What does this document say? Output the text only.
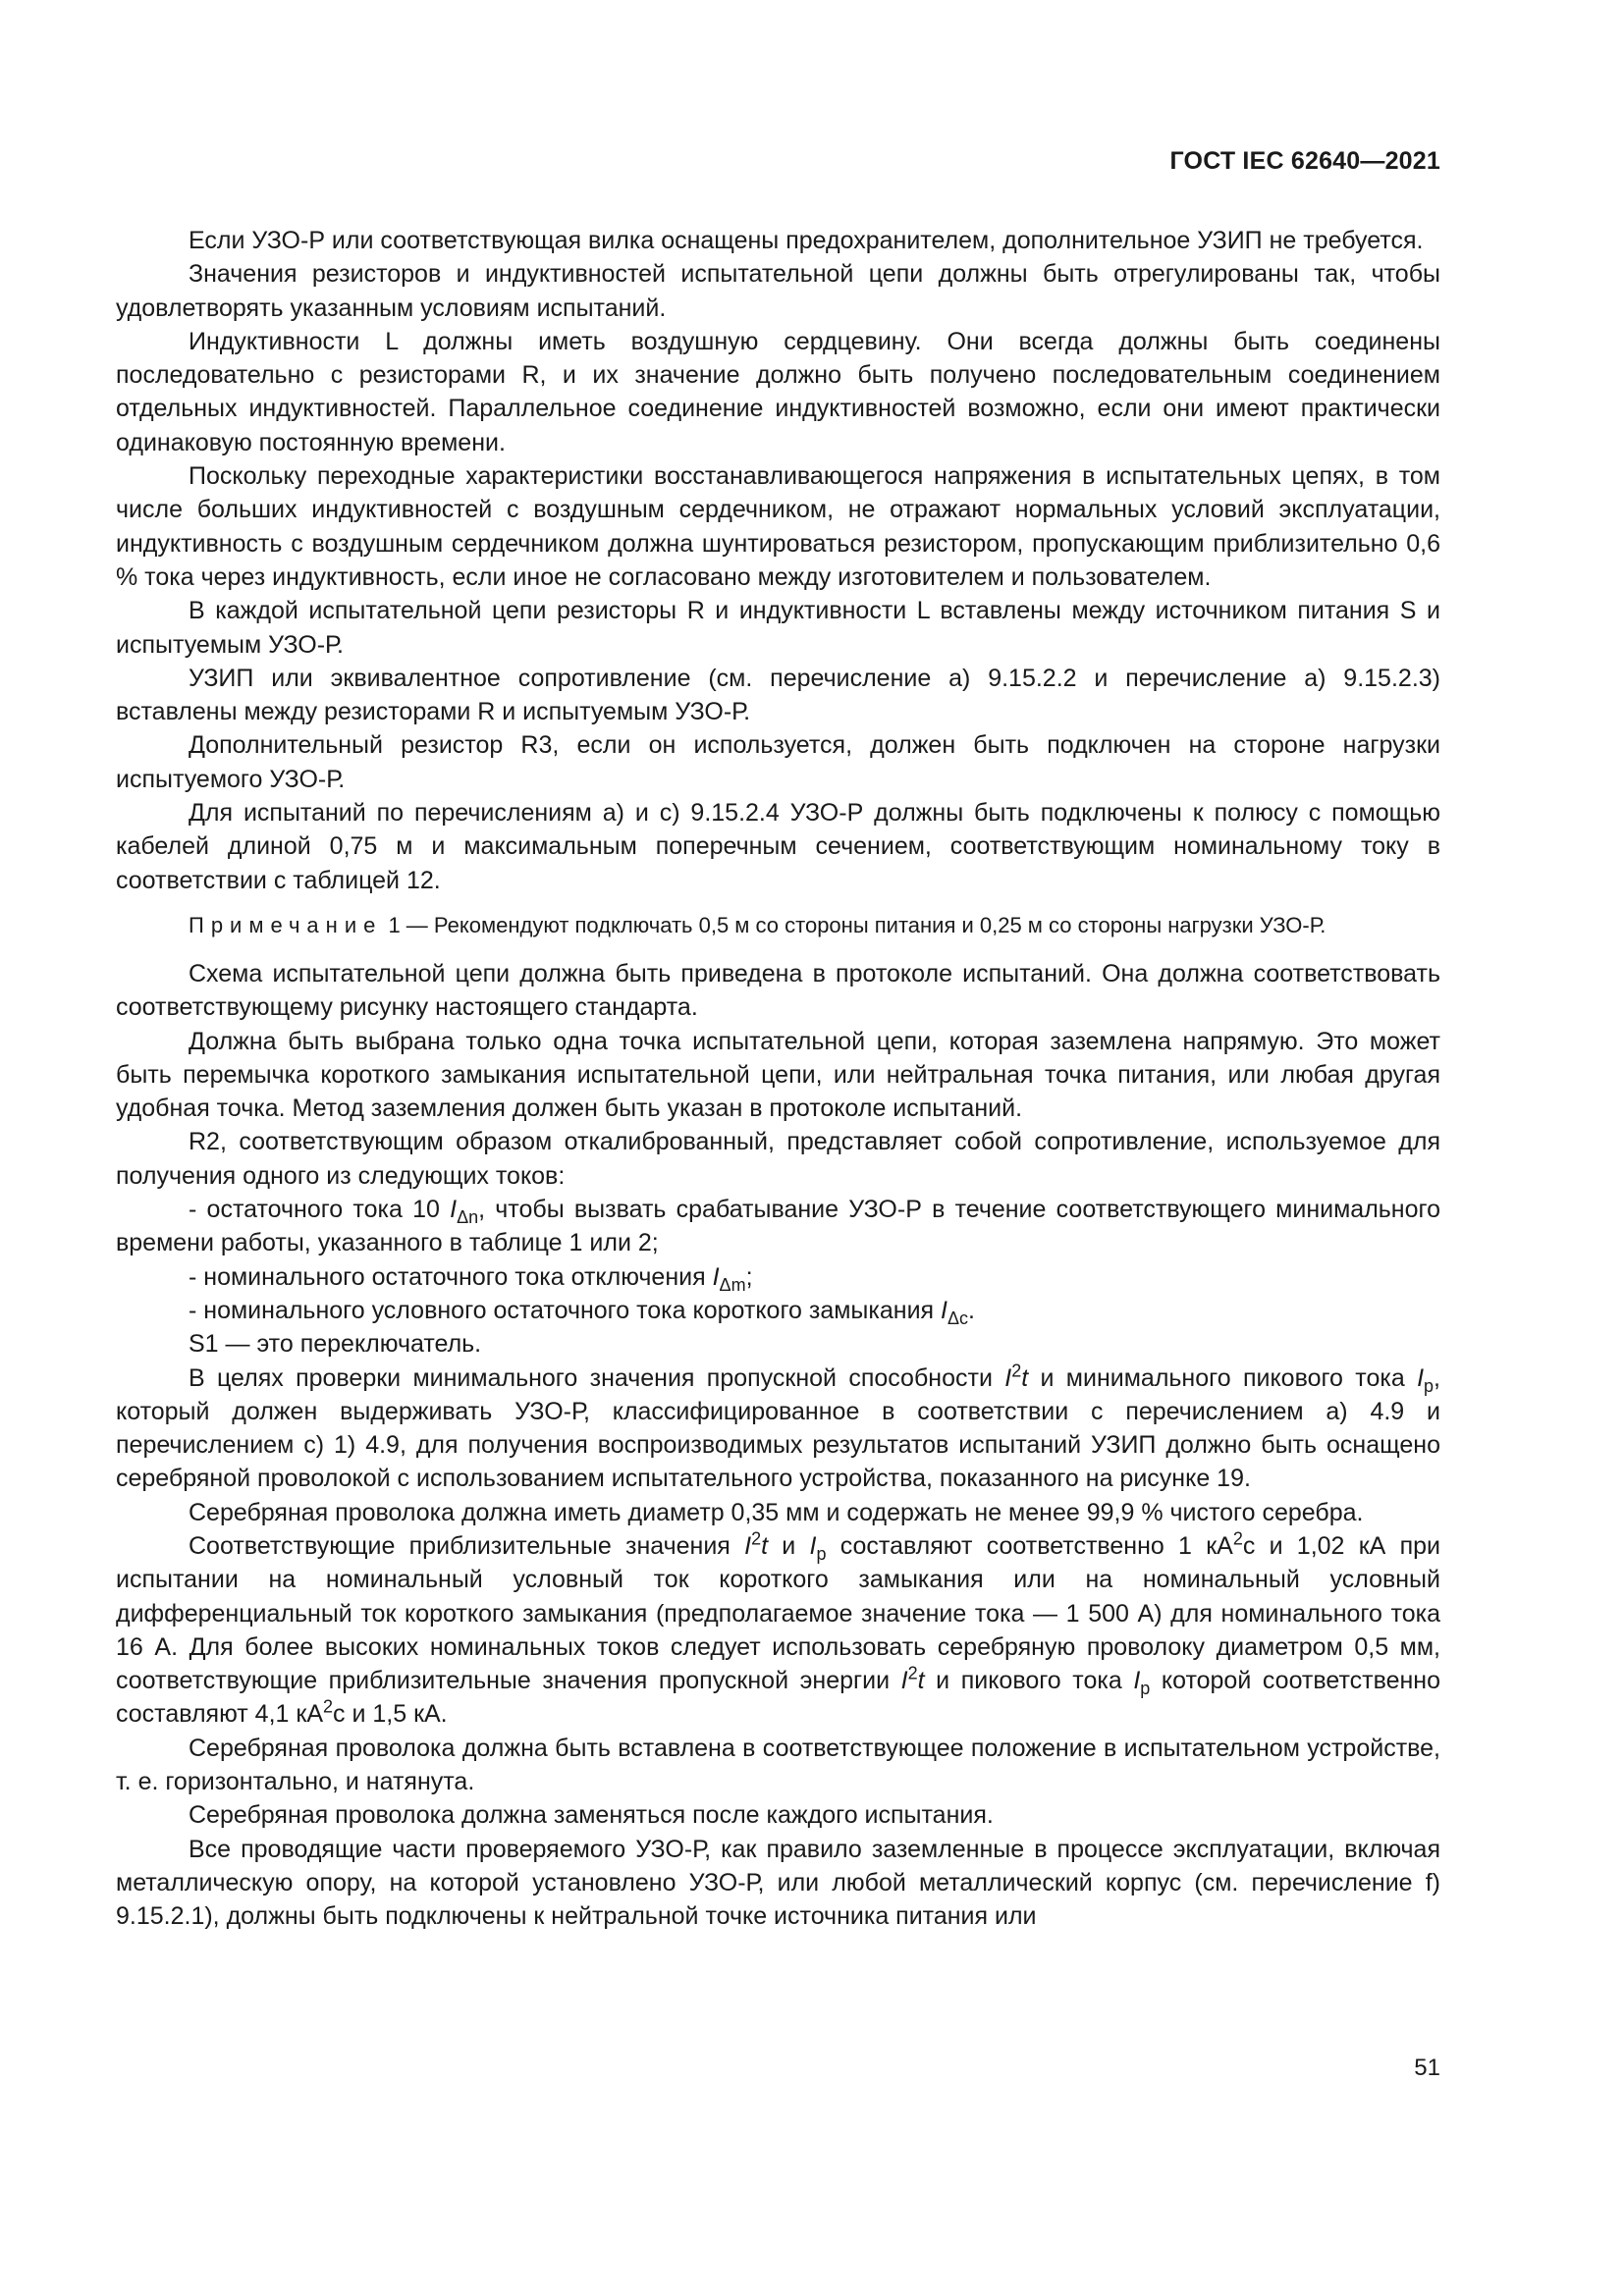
ГОСТ IEC 62640—2021

Если УЗО-Р или соответствующая вилка оснащены предохранителем, дополнительное УЗИП не требуется.

Значения резисторов и индуктивностей испытательной цепи должны быть отрегулированы так, чтобы удовлетворять указанным условиям испытаний.

Индуктивности L должны иметь воздушную сердцевину. Они всегда должны быть соединены последовательно с резисторами R, и их значение должно быть получено последовательным соединением отдельных индуктивностей. Параллельное соединение индуктивностей возможно, если они имеют практически одинаковую постоянную времени.

Поскольку переходные характеристики восстанавливающегося напряжения в испытательных цепях, в том числе больших индуктивностей с воздушным сердечником, не отражают нормальных условий эксплуатации, индуктивность с воздушным сердечником должна шунтироваться резистором, пропускающим приблизительно 0,6 % тока через индуктивность, если иное не согласовано между изготовителем и пользователем.

В каждой испытательной цепи резисторы R и индуктивности L вставлены между источником питания S и испытуемым УЗО-Р.

УЗИП или эквивалентное сопротивление (см. перечисление а) 9.15.2.2 и перечисление а) 9.15.2.3) вставлены между резисторами R и испытуемым УЗО-Р.

Дополнительный резистор R3, если он используется, должен быть подключен на стороне нагрузки испытуемого УЗО-Р.

Для испытаний по перечислениям а) и с) 9.15.2.4 УЗО-Р должны быть подключены к полюсу с помощью кабелей длиной 0,75 м и максимальным поперечным сечением, соответствующим номинальному току в соответствии с таблицей 12.

Примечание 1 — Рекомендуют подключать 0,5 м со стороны питания и 0,25 м со стороны нагрузки УЗО-Р.

Схема испытательной цепи должна быть приведена в протоколе испытаний. Она должна соответствовать соответствующему рисунку настоящего стандарта.

Должна быть выбрана только одна точка испытательной цепи, которая заземлена напрямую. Это может быть перемычка короткого замыкания испытательной цепи, или нейтральная точка питания, или любая другая удобная точка. Метод заземления должен быть указан в протоколе испытаний.

R2, соответствующим образом откалиброванный, представляет собой сопротивление, используемое для получения одного из следующих токов:

- остаточного тока 10 $I_{\Delta n}$, чтобы вызвать срабатывание УЗО-Р в течение соответствующего минимального времени работы, указанного в таблице 1 или 2;

- номинального остаточного тока отключения $I_{\Delta m}$;

- номинального условного остаточного тока короткого замыкания $I_{\Delta c}$.

S1 — это переключатель.

В целях проверки минимального значения пропускной способности $I^2t$ и минимального пикового тока $I_p$, который должен выдерживать УЗО-Р, классифицированное в соответствии с перечислением а) 4.9 и перечислением с) 1) 4.9, для получения воспроизводимых результатов испытаний УЗИП должно быть оснащено серебряной проволокой с использованием испытательного устройства, показанного на рисунке 19.

Серебряная проволока должна иметь диаметр 0,35 мм и содержать не менее 99,9 % чистого серебра.

Соответствующие приблизительные значения $I^2t$ и $I_p$ составляют соответственно 1 $кА^2с$ и 1,02 кА при испытании на номинальный условный ток короткого замыкания или на номинальный условный дифференциальный ток короткого замыкания (предполагаемое значение тока — 1 500 А) для номинального тока 16 А. Для более высоких номинальных токов следует использовать серебряную проволоку диаметром 0,5 мм, соответствующие приблизительные значения пропускной энергии $I^2t$ и пикового тока $I_p$ которой соответственно составляют 4,1 $кА^2с$ и 1,5 кА.

Серебряная проволока должна быть вставлена в соответствующее положение в испытательном устройстве, т. е. горизонтально, и натянута.

Серебряная проволока должна заменяться после каждого испытания.

Все проводящие части проверяемого УЗО-Р, как правило заземленные в процессе эксплуатации, включая металлическую опору, на которой установлено УЗО-Р, или любой металлический корпус (см. перечисление f) 9.15.2.1), должны быть подключены к нейтральной точке источника питания или

51
